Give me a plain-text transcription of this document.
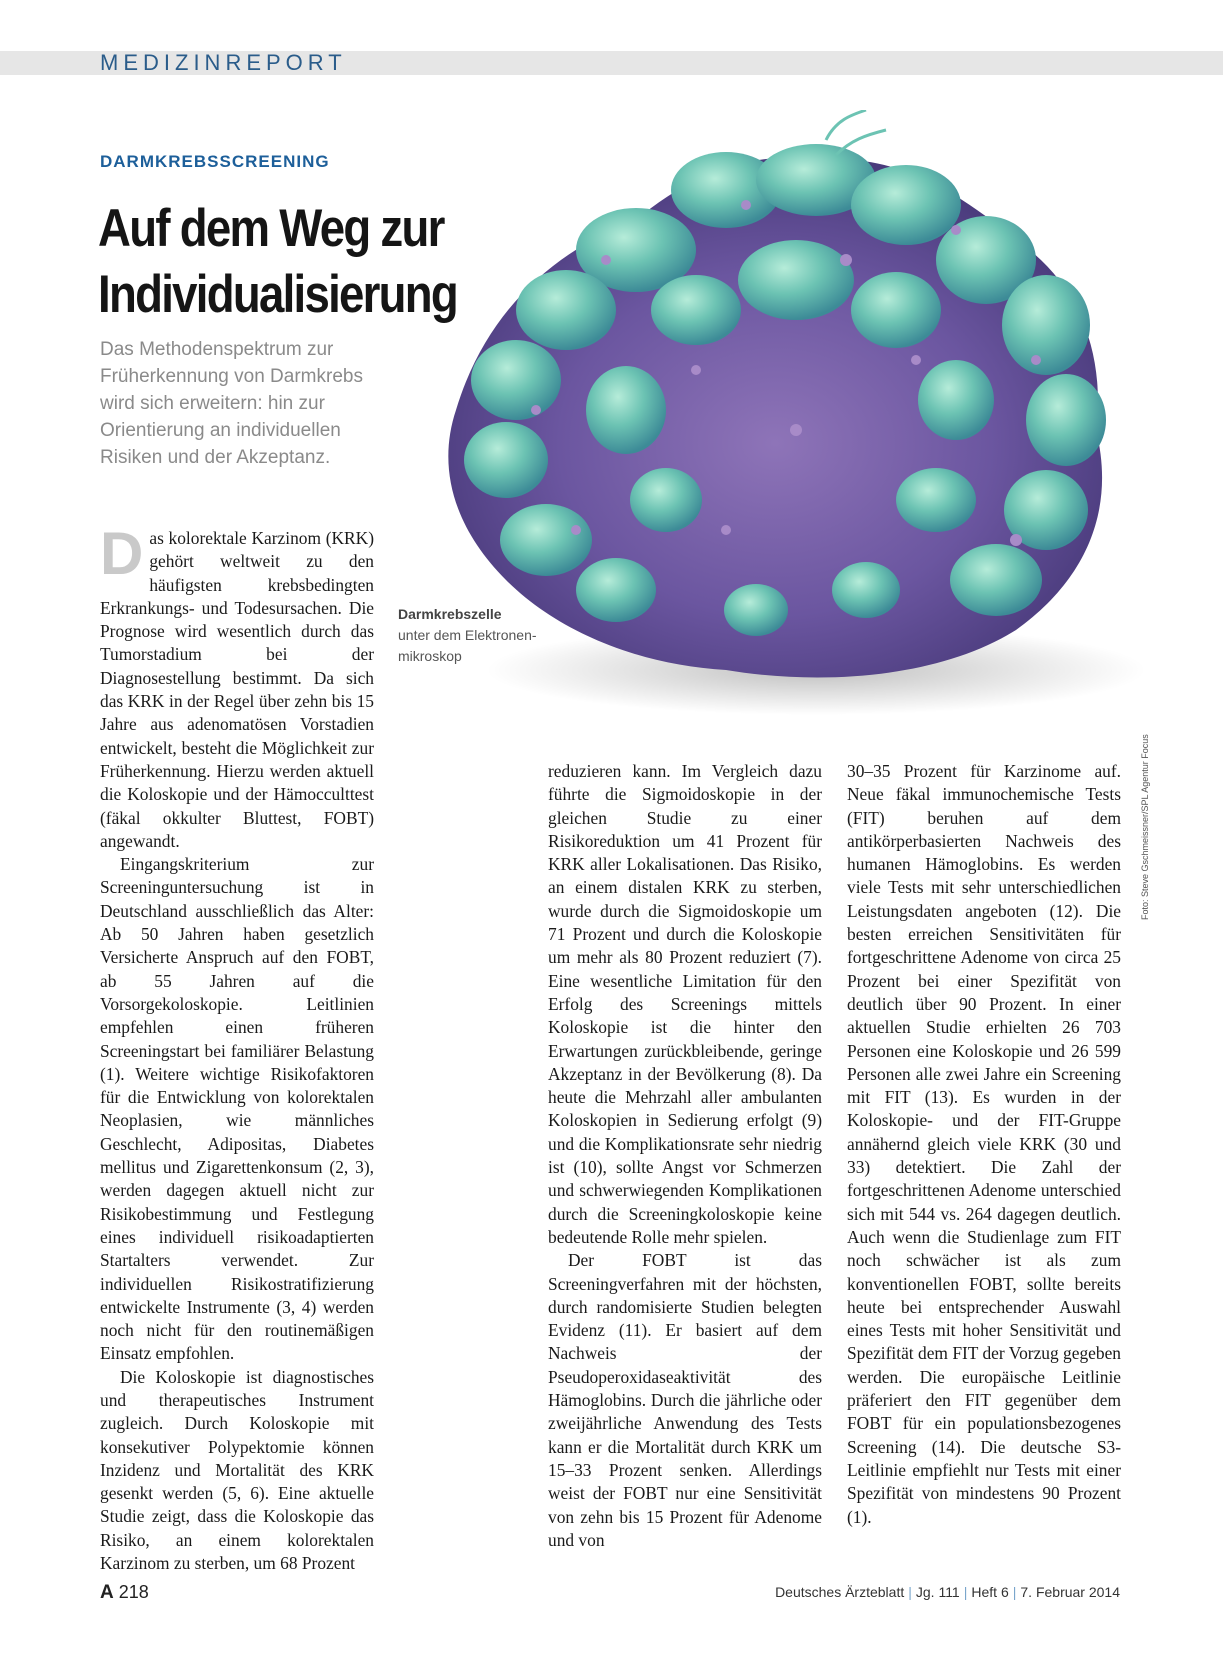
MEDIZINREPORT
DARMKREBSSCREENING
Auf dem Weg zur
Individualisierung
Das Methodenspektrum zur
Früherkennung von Darmkrebs
wird sich erweitern: hin zur
Orientierung an individuellen
Risiken und der Akzeptanz.
Darmkrebszelle
unter dem Elektronen-mikroskop
Foto: Steve Gschmeissner/SPL Agentur Focus

Das kolorektale Karzinom (KRK) gehört weltweit zu den häufigsten krebsbedingten Erkrankungs- und Todesursachen. Die Prognose wird wesentlich durch das Tumorstadium bei der Diagnosestellung bestimmt. Da sich das KRK in der Regel über zehn bis 15 Jahre aus adenomatösen Vorstadien entwickelt, besteht die Möglichkeit zur Früherkennung. Hierzu werden aktuell die Koloskopie und der Hämocculttest (fäkal okkulter Bluttest, FOBT) angewandt.

Eingangskriterium zur Screeninguntersuchung ist in Deutschland ausschließlich das Alter: Ab 50 Jahren haben gesetzlich Versicherte Anspruch auf den FOBT, ab 55 Jahren auf die Vorsorgekoloskopie. Leitlinien empfehlen einen früheren Screeningstart bei familiärer Belastung (1). Weitere wichtige Risikofaktoren für die Entwicklung von kolorektalen Neoplasien, wie männliches Geschlecht, Adipositas, Diabetes mellitus und Zigarettenkonsum (2, 3), werden dagegen aktuell nicht zur Risikobestimmung und Festlegung eines individuell risikoadaptierten Startalters verwendet. Zur individuellen Risikostratifizierung entwickelte Instrumente (3, 4) werden noch nicht für den routinemäßigen Einsatz empfohlen.

Die Koloskopie ist diagnostisches und therapeutisches Instrument zugleich. Durch Koloskopie mit konsekutiver Polypektomie können Inzidenz und Mortalität des KRK gesenkt werden (5, 6). Eine aktuelle Studie zeigt, dass die Koloskopie das Risiko, an einem kolorektalen Karzinom zu sterben, um 68 Prozent

reduzieren kann. Im Vergleich dazu führte die Sigmoidoskopie in der gleichen Studie zu einer Risikoreduktion um 41 Prozent für KRK aller Lokalisationen. Das Risiko, an einem distalen KRK zu sterben, wurde durch die Sigmoidoskopie um 71 Prozent und durch die Koloskopie um mehr als 80 Prozent reduziert (7). Eine wesentliche Limitation für den Erfolg des Screenings mittels Koloskopie ist die hinter den Erwartungen zurückbleibende, geringe Akzeptanz in der Bevölkerung (8). Da heute die Mehrzahl aller ambulanten Koloskopien in Sedierung erfolgt (9) und die Komplikationsrate sehr niedrig ist (10), sollte Angst vor Schmerzen und schwerwiegenden Komplikationen durch die Screeningkoloskopie keine bedeutende Rolle mehr spielen.

Der FOBT ist das Screeningverfahren mit der höchsten, durch randomisierte Studien belegten Evidenz (11). Er basiert auf dem Nachweis der Pseudoperoxidaseaktivität des Hämoglobins. Durch die jährliche oder zweijährliche Anwendung des Tests kann er die Mortalität durch KRK um 15–33 Prozent senken. Allerdings weist der FOBT nur eine Sensitivität von zehn bis 15 Prozent für Adenome und von

30–35 Prozent für Karzinome auf. Neue fäkal immunochemische Tests (FIT) beruhen auf dem antikörperbasierten Nachweis des humanen Hämoglobins. Es werden viele Tests mit sehr unterschiedlichen Leistungsdaten angeboten (12). Die besten erreichen Sensitivitäten für fortgeschrittene Adenome von circa 25 Prozent bei einer Spezifität von deutlich über 90 Prozent. In einer aktuellen Studie erhielten 26 703 Personen eine Koloskopie und 26 599 Personen alle zwei Jahre ein Screening mit FIT (13). Es wurden in der Koloskopie- und der FIT-Gruppe annähernd gleich viele KRK (30 und 33) detektiert. Die Zahl der fortgeschrittenen Adenome unterschied sich mit 544 vs. 264 dagegen deutlich. Auch wenn die Studienlage zum FIT noch schwächer ist als zum konventionellen FOBT, sollte bereits heute bei entsprechender Auswahl eines Tests mit hoher Sensitivität und Spezifität dem FIT der Vorzug gegeben werden. Die europäische Leitlinie präferiert den FIT gegenüber dem FOBT für ein populationsbezogenes Screening (14). Die deutsche S3-Leitlinie empfiehlt nur Tests mit einer Spezifität von mindestens 90 Prozent (1).

A 218	Deutsches Ärzteblatt | Jg. 111 | Heft 6 | 7. Februar 2014
